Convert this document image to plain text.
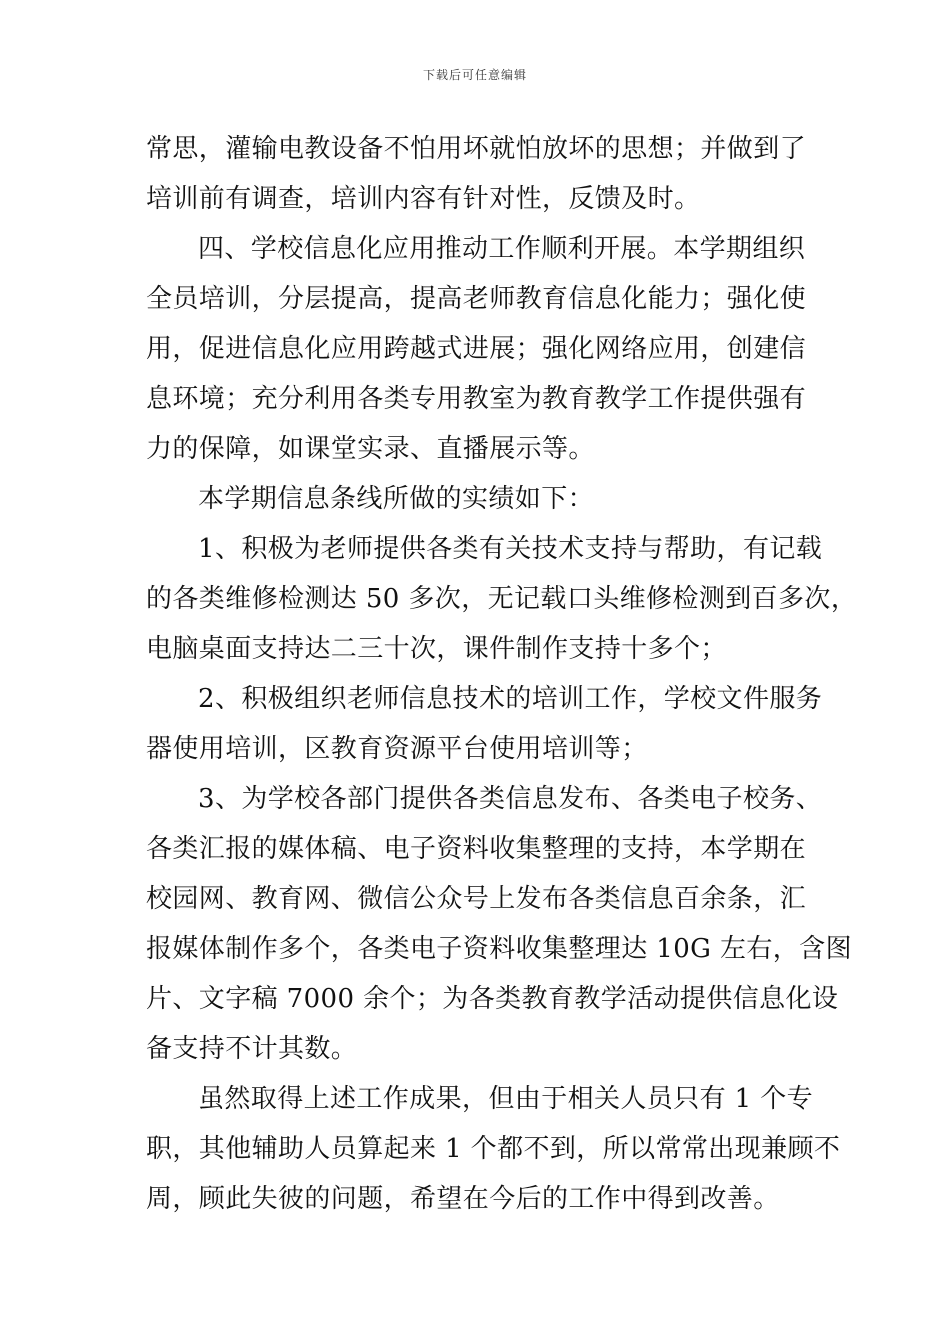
下载后可任意编辑
常思，灌输电教设备不怕用坏就怕放坏的思想；并做到了
培训前有调查，培训内容有针对性，反馈及时。
四、学校信息化应用推动工作顺利开展。本学期组织
全员培训，分层提高，提高老师教育信息化能力；强化使
用，促进信息化应用跨越式进展；强化网络应用，创建信
息环境；充分利用各类专用教室为教育教学工作提供强有
力的保障，如课堂实录、直播展示等。
本学期信息条线所做的实绩如下：
1、积极为老师提供各类有关技术支持与帮助，有记载
的各类维修检测达 50 多次，无记载口头维修检测到百多次，
电脑桌面支持达二三十次，课件制作支持十多个；
2、积极组织老师信息技术的培训工作，学校文件服务
器使用培训，区教育资源平台使用培训等；
3、为学校各部门提供各类信息发布、各类电子校务、
各类汇报的媒体稿、电子资料收集整理的支持，本学期在
校园网、教育网、微信公众号上发布各类信息百余条，汇
报媒体制作多个，各类电子资料收集整理达 10G 左右，含图
片、文字稿 7000 余个；为各类教育教学活动提供信息化设
备支持不计其数。
虽然取得上述工作成果，但由于相关人员只有 1 个专
职，其他辅助人员算起来 1 个都不到，所以常常出现兼顾不
周，顾此失彼的问题，希望在今后的工作中得到改善。
